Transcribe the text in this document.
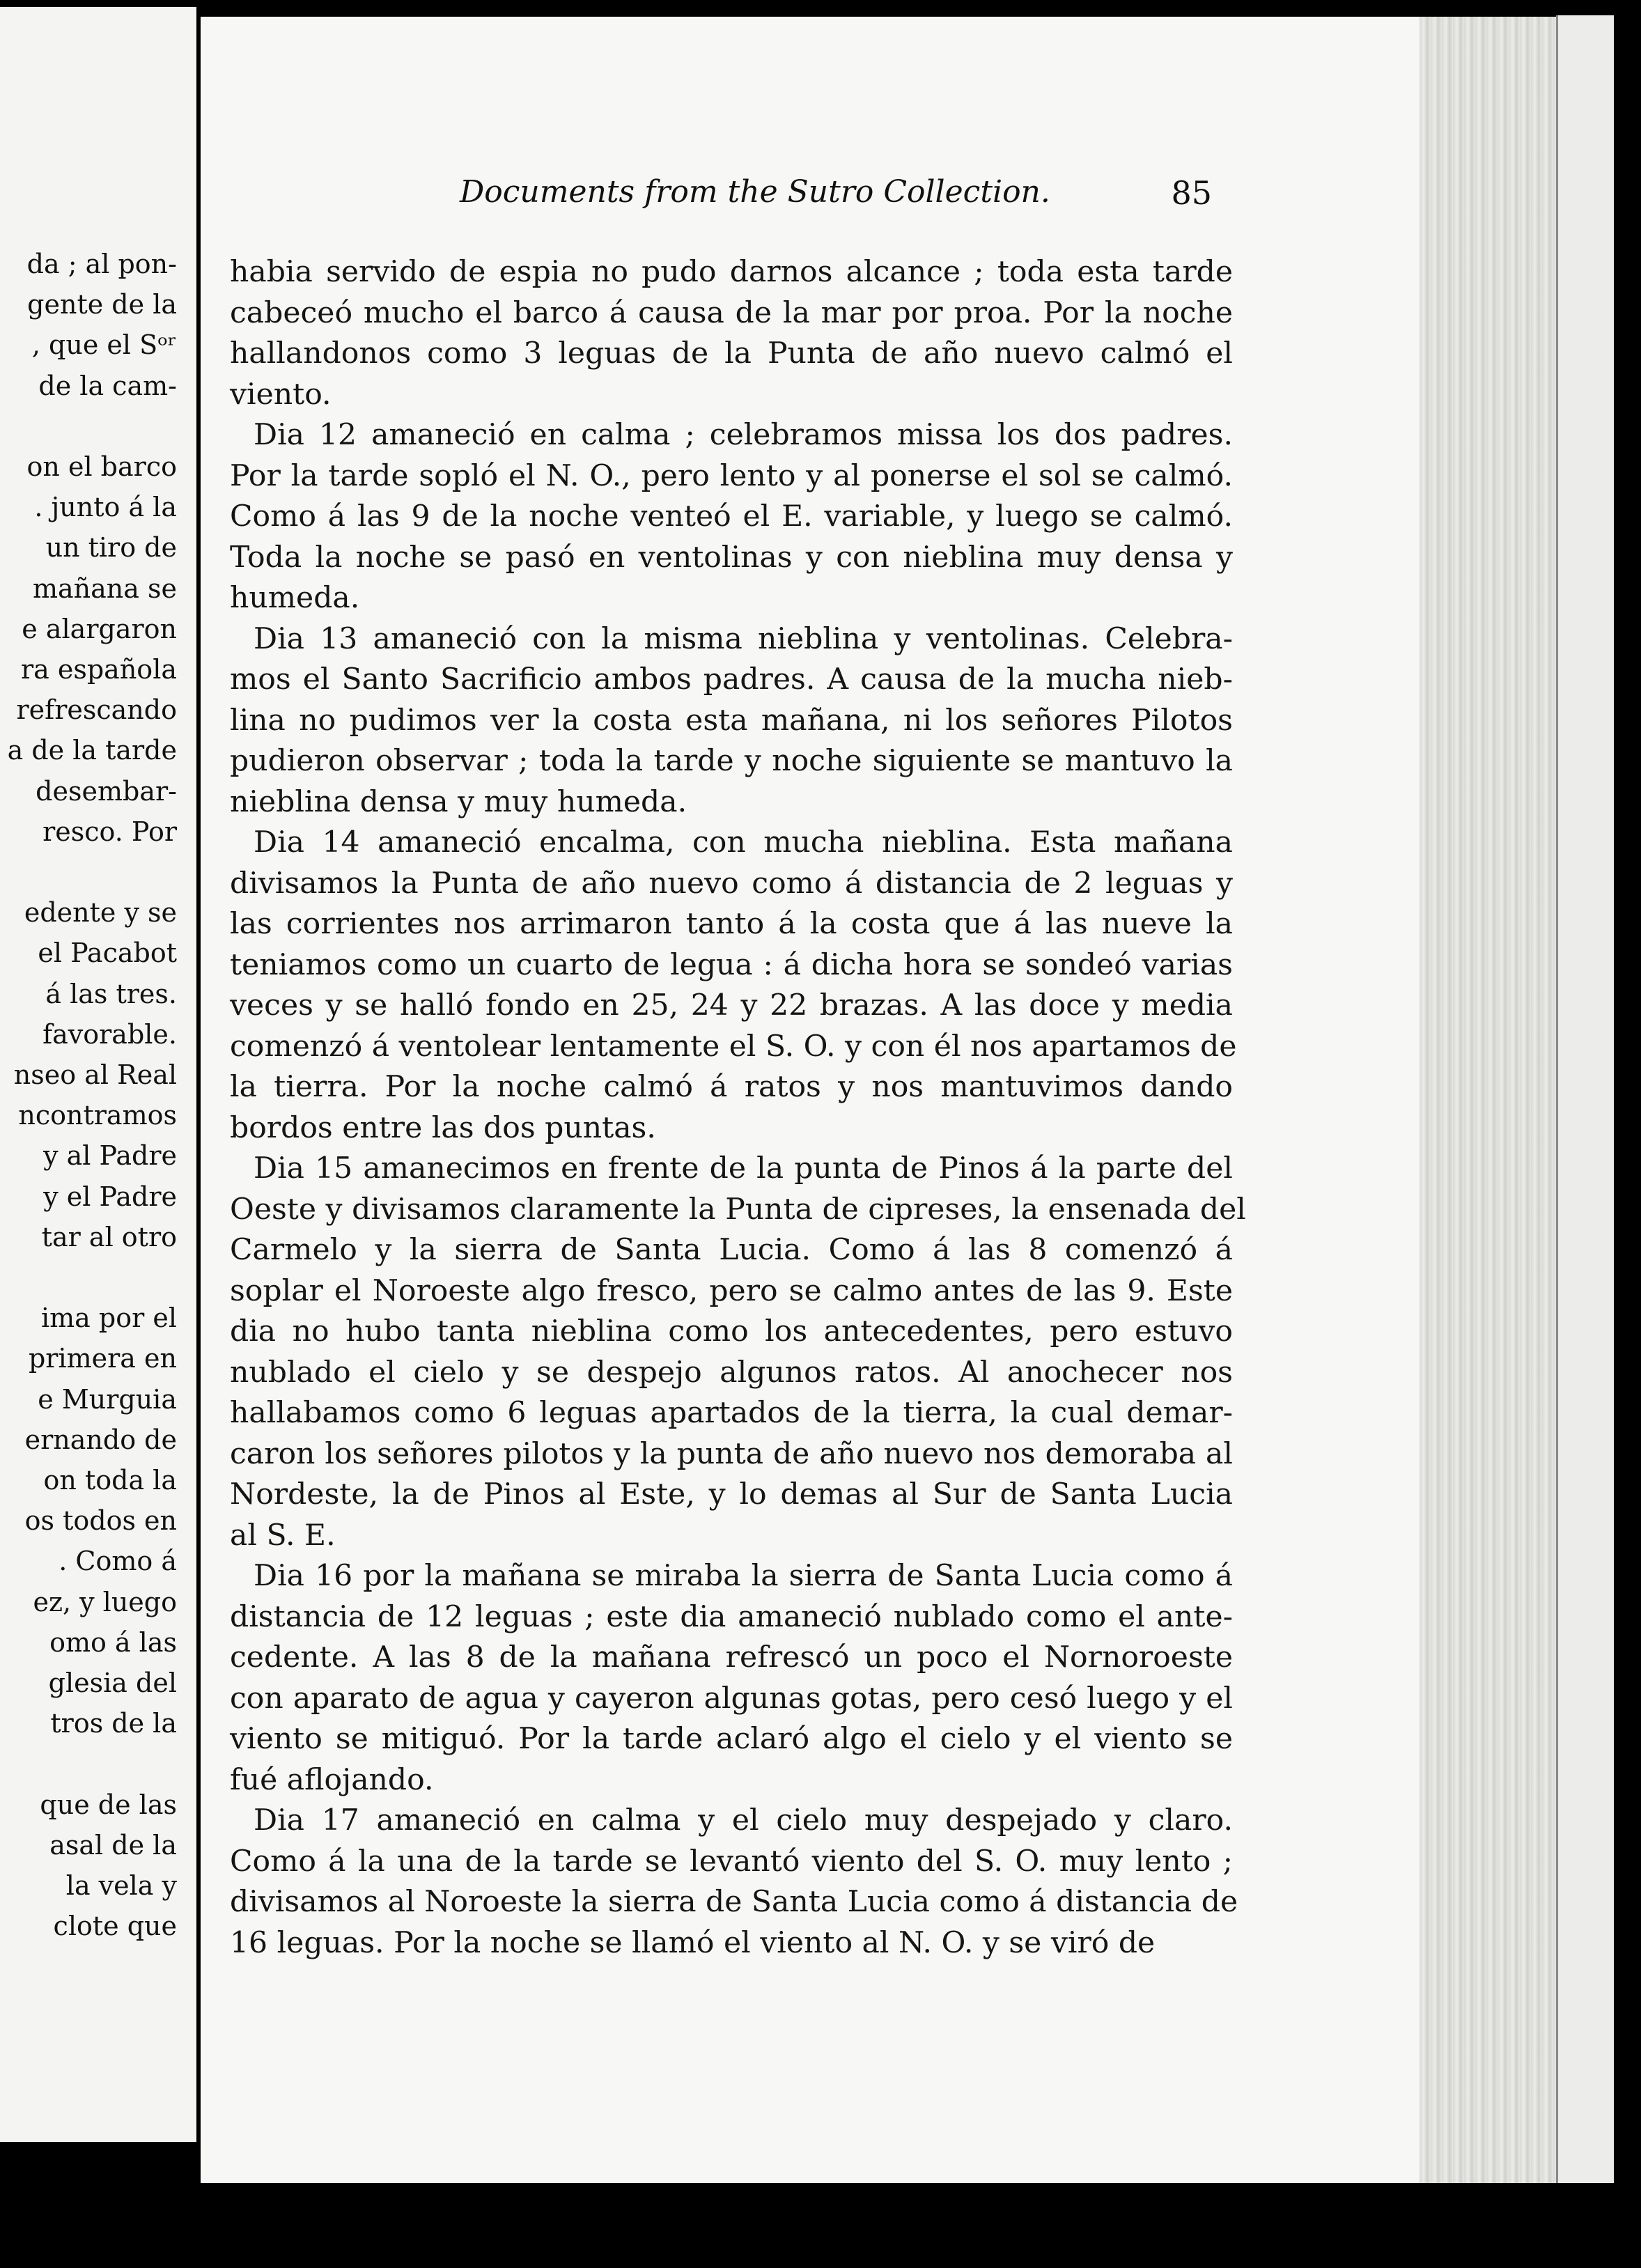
da ; al pon-
gente de la
, que el Sᵒʳ
de la cam-
on el barco
. junto á la
un tiro de
mañana se
e alargaron
ra española
refrescando
a de la tarde
desembar-
resco. Por
edente y se
el Pacabot
á las tres.
favorable.
nseo al Real
ncontramos
y al Padre
y el Padre
tar al otro
ima por el
primera en
e Murguia
ernando de
on toda la
os todos en
. Como á
ez, y luego
omo á las
glesia del
tros de la
que de las
asal de la
la vela y
clote que
Documents from the Sutro Collection.	85
habia servido de espia no pudo darnos alcance ; toda esta tarde
cabeceó mucho el barco á causa de la mar por proa. Por la noche
hallandonos como 3 leguas de la Punta de año nuevo calmó el
viento.
Dia 12 amaneció en calma ; celebramos missa los dos padres.
Por la tarde sopló el N. O., pero lento y al ponerse el sol se calmó.
Como á las 9 de la noche venteó el E. variable, y luego se calmó.
Toda la noche se pasó en ventolinas y con nieblina muy densa y
humeda.
Dia 13 amaneció con la misma nieblina y ventolinas. Celebra-
mos el Santo Sacrificio ambos padres. A causa de la mucha nieb-
lina no pudimos ver la costa esta mañana, ni los señores Pilotos
pudieron observar ; toda la tarde y noche siguiente se mantuvo la
nieblina densa y muy humeda.
Dia 14 amaneció encalma, con mucha nieblina. Esta mañana
divisamos la Punta de año nuevo como á distancia de 2 leguas y
las corrientes nos arrimaron tanto á la costa que á las nueve la
teniamos como un cuarto de legua : á dicha hora se sondeó varias
veces y se halló fondo en 25, 24 y 22 brazas. A las doce y media
comenzó á ventolear lentamente el S. O. y con él nos apartamos de
la tierra. Por la noche calmó á ratos y nos mantuvimos dando
bordos entre las dos puntas.
Dia 15 amanecimos en frente de la punta de Pinos á la parte del
Oeste y divisamos claramente la Punta de cipreses, la ensenada del
Carmelo y la sierra de Santa Lucia. Como á las 8 comenzó á
soplar el Noroeste algo fresco, pero se calmo antes de las 9. Este
dia no hubo tanta nieblina como los antecedentes, pero estuvo
nublado el cielo y se despejo algunos ratos. Al anochecer nos
hallabamos como 6 leguas apartados de la tierra, la cual demar-
caron los señores pilotos y la punta de año nuevo nos demoraba al
Nordeste, la de Pinos al Este, y lo demas al Sur de Santa Lucia
al S. E.
Dia 16 por la mañana se miraba la sierra de Santa Lucia como á
distancia de 12 leguas ; este dia amaneció nublado como el ante-
cedente. A las 8 de la mañana refrescó un poco el Nornoroeste
con aparato de agua y cayeron algunas gotas, pero cesó luego y el
viento se mitiguó. Por la tarde aclaró algo el cielo y el viento se
fué aflojando.
Dia 17 amaneció en calma y el cielo muy despejado y claro.
Como á la una de la tarde se levantó viento del S. O. muy lento ;
divisamos al Noroeste la sierra de Santa Lucia como á distancia de
16 leguas. Por la noche se llamó el viento al N. O. y se viró de
